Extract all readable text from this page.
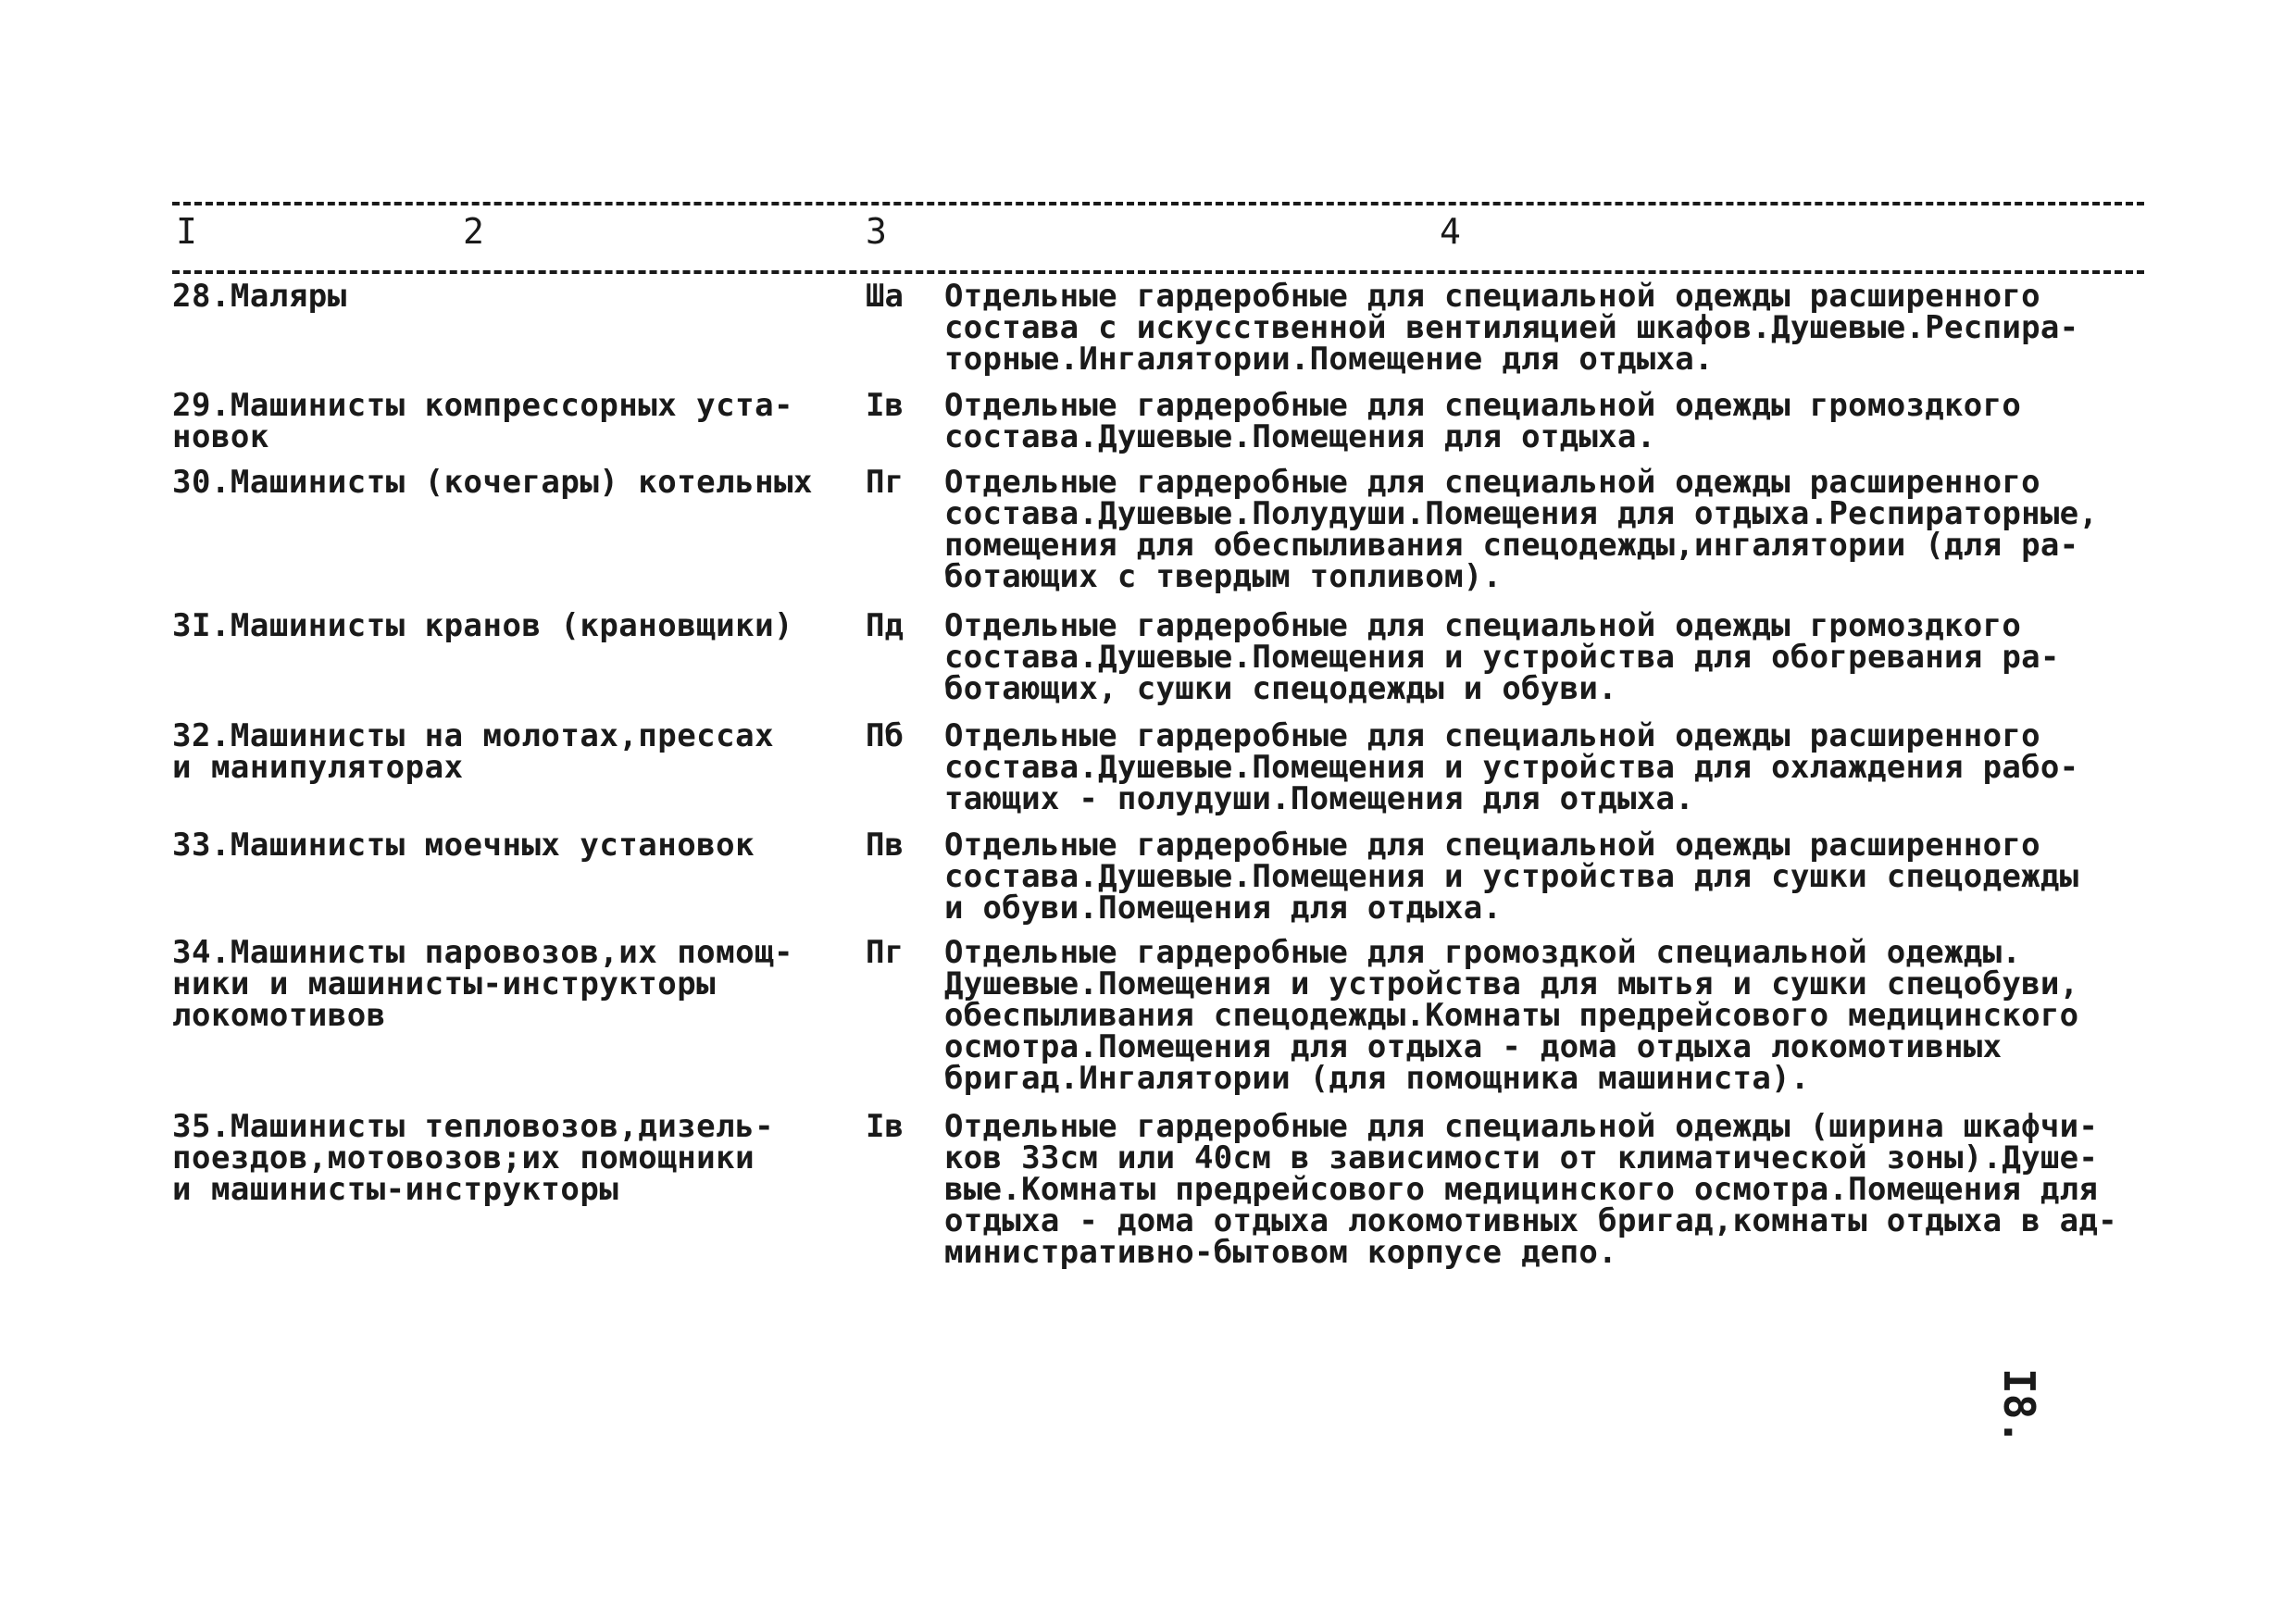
I	2	3	4
28.Маляры	Ша	Отдельные гардеробные для специальной одежды расширенного
состава с искусственной вентиляцией шкафов.Душевые.Респира-
торные.Ингалятории.Помещение для отдыха.
29.Машинисты компрессорных уста-
новок
Iв	Отдельные гардеробные для специальной одежды громоздкого
состава.Душевые.Помещения для отдыха.
30.Машинисты (кочегары) котельных	Пг	Отдельные гардеробные для специальной одежды расширенного
состава.Душевые.Полудуши.Помещения для отдыха.Респираторные,
помещения для обеспыливания спецодежды,ингалятории (для ра-
ботающих с твердым топливом).
3I.Машинисты кранов (крановщики)	Пд	Отдельные гардеробные для специальной одежды громоздкого
состава.Душевые.Помещения и устройства для обогревания ра-
ботающих, сушки спецодежды и обуви.
32.Машинисты на молотах,прессах
и манипуляторах
Пб	Отдельные гардеробные для специальной одежды расширенного
состава.Душевые.Помещения и устройства для охлаждения рабо-
тающих - полудуши.Помещения для отдыха.
33.Машинисты моечных установок	Пв	Отдельные гардеробные для специальной одежды расширенного
состава.Душевые.Помещения и устройства для сушки спецодежды
и обуви.Помещения для отдыха.
34.Машинисты паровозов,их помощ-
ники и машинисты-инструкторы
локомотивов
Пг	Отдельные гардеробные для громоздкой специальной одежды.
Душевые.Помещения и устройства для мытья и сушки спецобуви,
обеспыливания спецодежды.Комнаты предрейсового медицинского
осмотра.Помещения для отдыха - дома отдыха локомотивных
бригад.Ингалятории (для помощника машиниста).
35.Машинисты тепловозов,дизель-
поездов,мотовозов;их помощники
и машинисты-инструкторы
Iв	Отдельные гардеробные для специальной одежды (ширина шкафчи-
ков 33см или 40см в зависимости от климатической зоны).Душе-
вые.Комнаты предрейсового медицинского осмотра.Помещения для
отдыха - дома отдыха локомотивных бригад,комнаты отдыха в ад-
министративно-бытовом корпусе депо.
I8.
